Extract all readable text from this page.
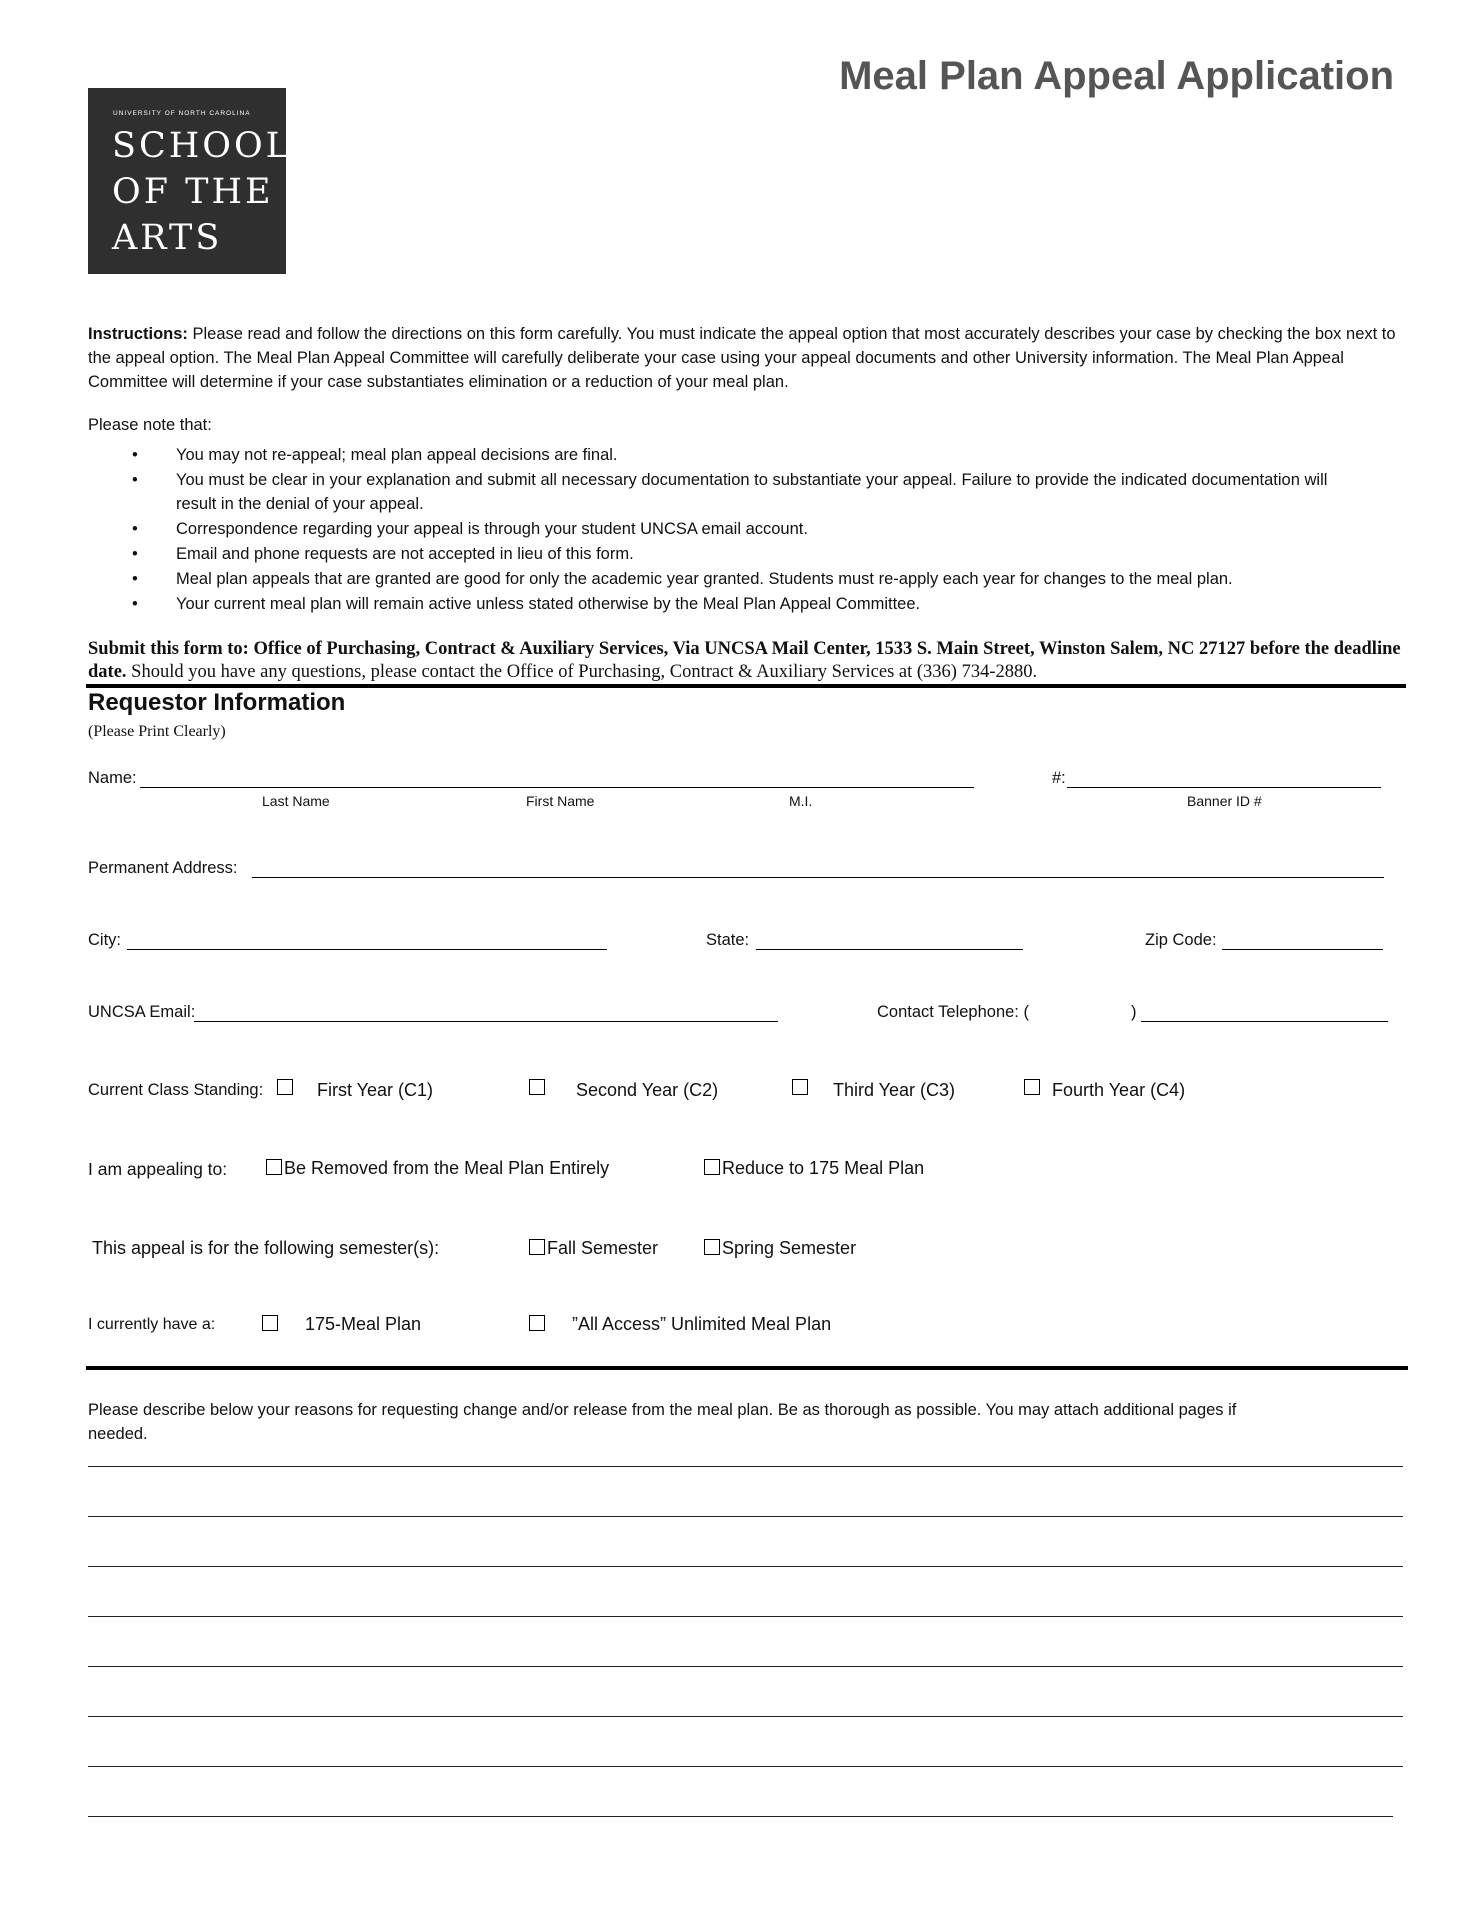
Meal Plan Appeal Application
UNIVERSITY OF NORTH CAROLINA
SCHOOL
OF THE
ARTS
Instructions: Please read and follow the directions on this form carefully. You must indicate the appeal option that most accurately describes your case by checking the box next to the appeal option. The Meal Plan Appeal Committee will carefully deliberate your case using your appeal documents and other University information. The Meal Plan Appeal Committee will determine if your case substantiates elimination or a reduction of your meal plan.
Please note that:
• You may not re-appeal; meal plan appeal decisions are final.
• You must be clear in your explanation and submit all necessary documentation to substantiate your appeal. Failure to provide the indicated documentation will result in the denial of your appeal.
• Correspondence regarding your appeal is through your student UNCSA email account.
• Email and phone requests are not accepted in lieu of this form.
• Meal plan appeals that are granted are good for only the academic year granted. Students must re-apply each year for changes to the meal plan.
• Your current meal plan will remain active unless stated otherwise by the Meal Plan Appeal Committee.
Submit this form to: Office of Purchasing, Contract & Auxiliary Services, Via UNCSA Mail Center, 1533 S. Main Street, Winston Salem, NC 27127 before the deadline date. Should you have any questions, please contact the Office of Purchasing, Contract & Auxiliary Services at (336) 734-2880.
Requestor Information
(Please Print Clearly)
Name:
Last Name	First Name	M.I.
#:
Banner ID #
Permanent Address:
City:	State:	Zip Code:
UNCSA Email:	Contact Telephone: (	)
Current Class Standing:	First Year (C1)	Second Year (C2)	Third Year (C3)	Fourth Year (C4)
I am appealing to:	Be Removed from the Meal Plan Entirely	Reduce to 175 Meal Plan
This appeal is for the following semester(s):	Fall Semester	Spring Semester
I currently have a:	175-Meal Plan	”All Access” Unlimited Meal Plan
Please describe below your reasons for requesting change and/or release from the meal plan. Be as thorough as possible. You may attach additional pages if needed.
